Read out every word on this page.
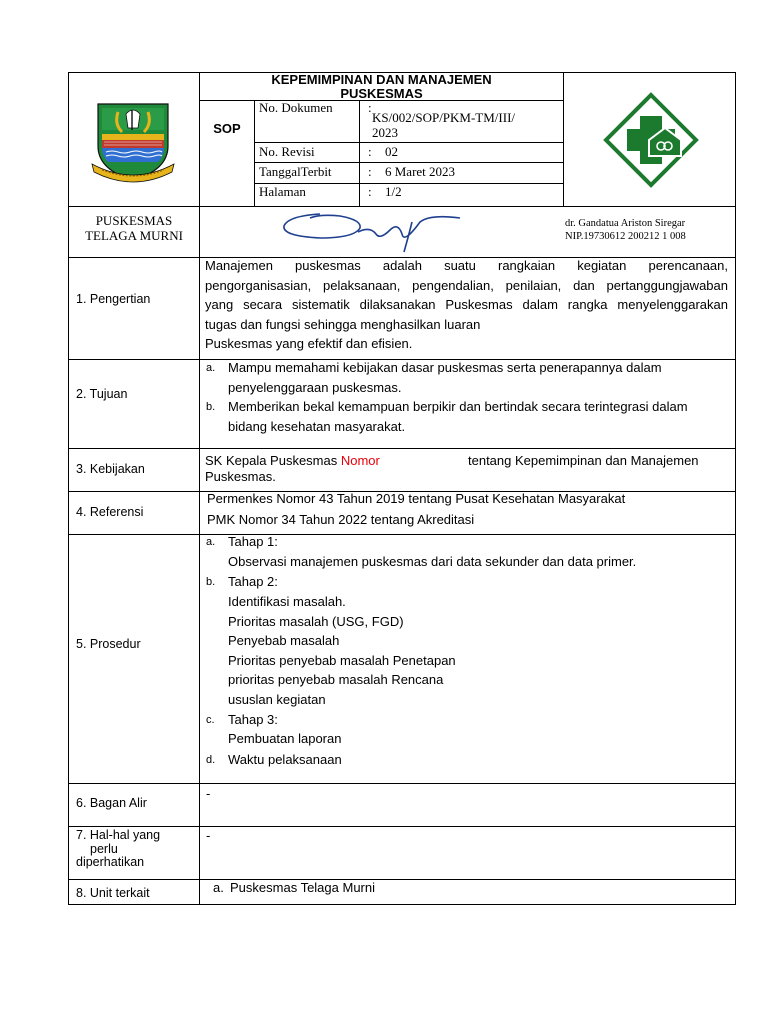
KEPEMIMPINAN DAN MANAJEMEN
PUSKESMAS
SOP
No. Dokumen	:
KS/002/SOP/PKM-TM/III/
2023
No. Revisi	: 02
TanggalTerbit	: 6 Maret 2023
Halaman	: 1/2
PUSKESMAS
TELAGA MURNI
dr. Gandatua Ariston Siregar
NIP.19730612 200212 1 008
1. Pengertian
Manajemen puskesmas adalah suatu rangkaian kegiatan perencanaan,
pengorganisasian, pelaksanaan, pengendalian, penilaian, dan pertanggungjawaban
yang secara sistematik dilaksanakan Puskesmas dalam rangka menyelenggarakan
tugas dan fungsi sehingga menghasilkan luaran
Puskesmas yang efektif dan efisien.
2. Tujuan
a. Mampu memahami kebijakan dasar puskesmas serta penerapannya dalam
penyelenggaraan puskesmas.
b. Memberikan bekal kemampuan berpikir dan bertindak secara terintegrasi dalam
bidang kesehatan masyarakat.
3. Kebijakan
SK Kepala Puskesmas Nomor	tentang Kepemimpinan dan Manajemen
Puskesmas.
4. Referensi
Permenkes Nomor 43 Tahun 2019 tentang Pusat Kesehatan Masyarakat
PMK Nomor 34 Tahun 2022 tentang Akreditasi
5. Prosedur
a. Tahap 1:
Observasi manajemen puskesmas dari data sekunder dan data primer.
b. Tahap 2:
Identifikasi masalah.
Prioritas masalah (USG, FGD)
Penyebab masalah
Prioritas penyebab masalah Penetapan
prioritas penyebab masalah Rencana
ususlan kegiatan
c. Tahap 3:
Pembuatan laporan
d. Waktu pelaksanaan
6. Bagan Alir
-
7. Hal-hal yang
perlu
diperhatikan
-
8. Unit terkait	a. Puskesmas Telaga Murni
